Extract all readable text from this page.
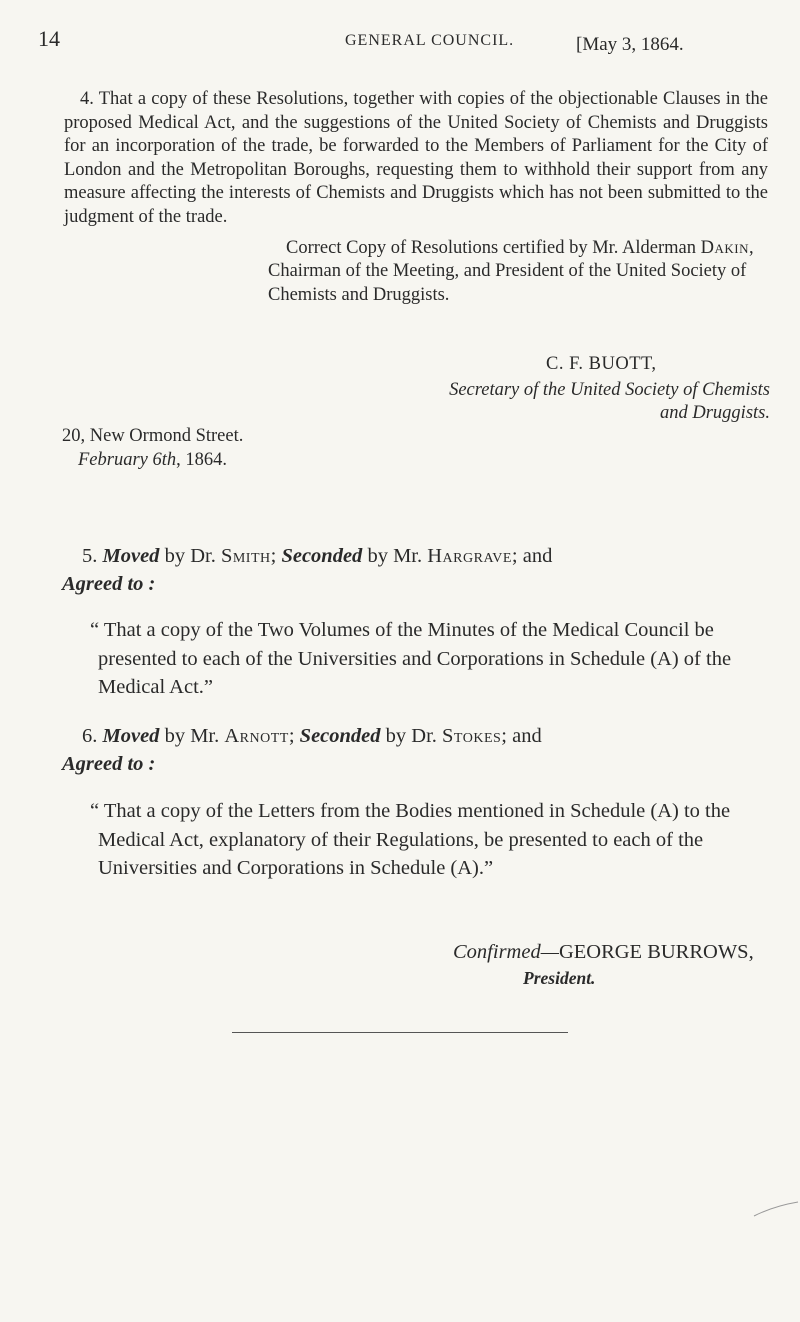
14	GENERAL COUNCIL.	[May 3, 1864.

4. That a copy of these Resolutions, together with copies of the objectionable Clauses in the proposed Medical Act, and the suggestions of the United Society of Chemists and Druggists for an incorporation of the trade, be forwarded to the Members of Parliament for the City of London and the Metropolitan Boroughs, requesting them to withhold their support from any measure affecting the interests of Chemists and Druggists which has not been submitted to the judgment of the trade.

Correct Copy of Resolutions certified by Mr. Alderman Dakin, Chairman of the Meeting, and President of the United Society of Chemists and Druggists.

C. F. BUOTT,
Secretary of the United Society of Chemists and Druggists.
20, New Ormond Street.
February 6th, 1864.
5. Moved by Dr. Smith; Seconded by Mr. Hargrave; and
Agreed to :

“ That a copy of the Two Volumes of the Minutes of the Medical Council be presented to each of the Universities and Corporations in Schedule (A) of the Medical Act.”

6. Moved by Mr. Arnott; Seconded by Dr. Stokes; and
Agreed to :

“ That a copy of the Letters from the Bodies mentioned in Schedule (A) to the Medical Act, explanatory of their Regulations, be presented to each of the Universities and Corporations in Schedule (A).”

Confirmed—GEORGE BURROWS,
President.
